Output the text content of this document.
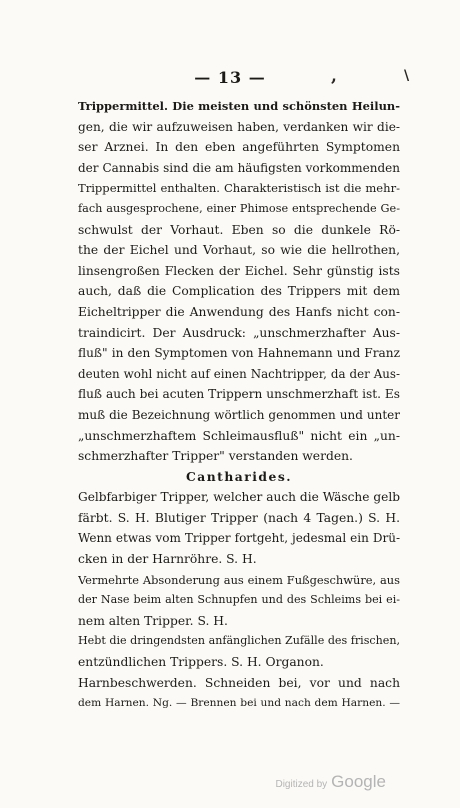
— 13 —	,	\
Trippermittel. Die meisten und schönsten Heilun-
gen, die wir aufzuweisen haben, verdanken wir die-
ser Arznei. In den eben angeführten Symptomen
der Cannabis sind die am häufigsten vorkommenden
Trippermittel enthalten. Charakteristisch ist die mehr-
fach ausgesprochene, einer Phimose entsprechende Ge-
schwulst der Vorhaut. Eben so die dunkele Rö-
the der Eichel und Vorhaut, so wie die hellrothen,
linsengroßen Flecken der Eichel. Sehr günstig ists
auch, daß die Complication des Trippers mit dem
Eicheltripper die Anwendung des Hanfs nicht con-
traindicirt. Der Ausdruck: „unschmerzhafter Aus-
fluß" in den Symptomen von Hahnemann und Franz
deuten wohl nicht auf einen Nachtripper, da der Aus-
fluß auch bei acuten Trippern unschmerzhaft ist. Es
muß die Bezeichnung wörtlich genommen und unter
„unschmerzhaftem Schleimausfluß" nicht ein „un-
schmerzhafter Tripper" verstanden werden.
Cantharides.
Gelbfarbiger Tripper, welcher auch die Wäsche gelb
färbt. S. H. Blutiger Tripper (nach 4 Tagen.) S. H.
Wenn etwas vom Tripper fortgeht, jedesmal ein Drü-
cken in der Harnröhre. S. H.
Vermehrte Absonderung aus einem Fußgeschwüre, aus
der Nase beim alten Schnupfen und des Schleims bei ei-
nem alten Tripper. S. H.
Hebt die dringendsten anfänglichen Zufälle des frischen,
entzündlichen Trippers. S. H. Organon.
Harnbeschwerden. Schneiden bei, vor und nach
dem Harnen. Ng. — Brennen bei und nach dem Harnen. —
Digitized by Google
